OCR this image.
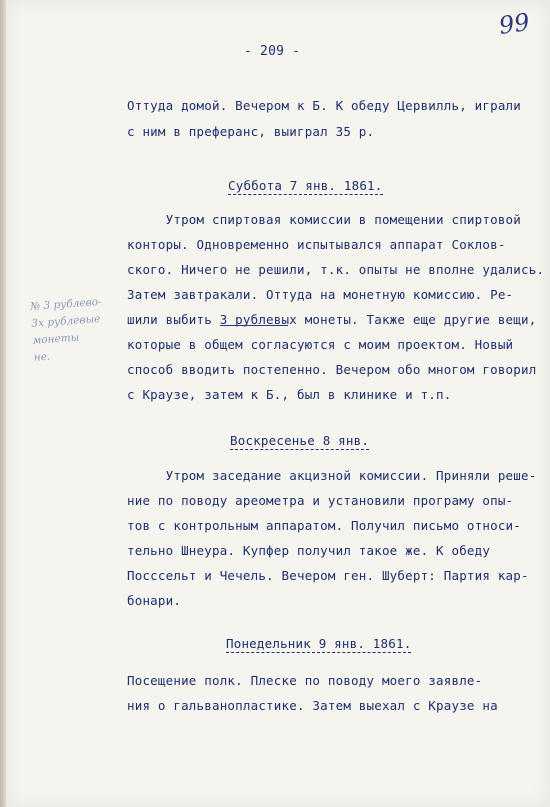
99
№ 3 рублево-
3х рублевые монеты
не.
- 209 -
Оттуда домой. Вечером к Б. К обеду Цервилль, играли
с ним в преферанс, выиграл 35 р.
Суббота 7 янв. 1861.
Утром спиртовая комиссии в помещении спиртовой
конторы. Одновременно испытывался аппарат Соклов-
ского. Ничего не решили, т.к. опыты не вполне удались.
Затем завтракали. Оттуда на монетную комиссию. Ре-
шили выбить 3 рублевых монеты. Также еще другие вещи,
которые в общем согласуются с моим проектом. Новый
способ вводить постепенно. Вечером обо многом говорил
с Краузе, затем к Б., был в клинике и т.п.
Воскресенье 8 янв.
Утром заседание акцизной комиссии. Приняли реше-
ние по поводу ареометра и установили програму опы-
тов с контрольным аппаратом. Получил письмо относи-
тельно Шнеура. Купфер получил такое же. К обеду
Посссельт и Чечель. Вечером ген. Шуберт: Партия кар-
бонари.
Понедельник 9 янв. 1861.
Посещение полк. Плеске по поводу моего заявле-
ния о гальванопластике. Затем выехал с Краузе на
